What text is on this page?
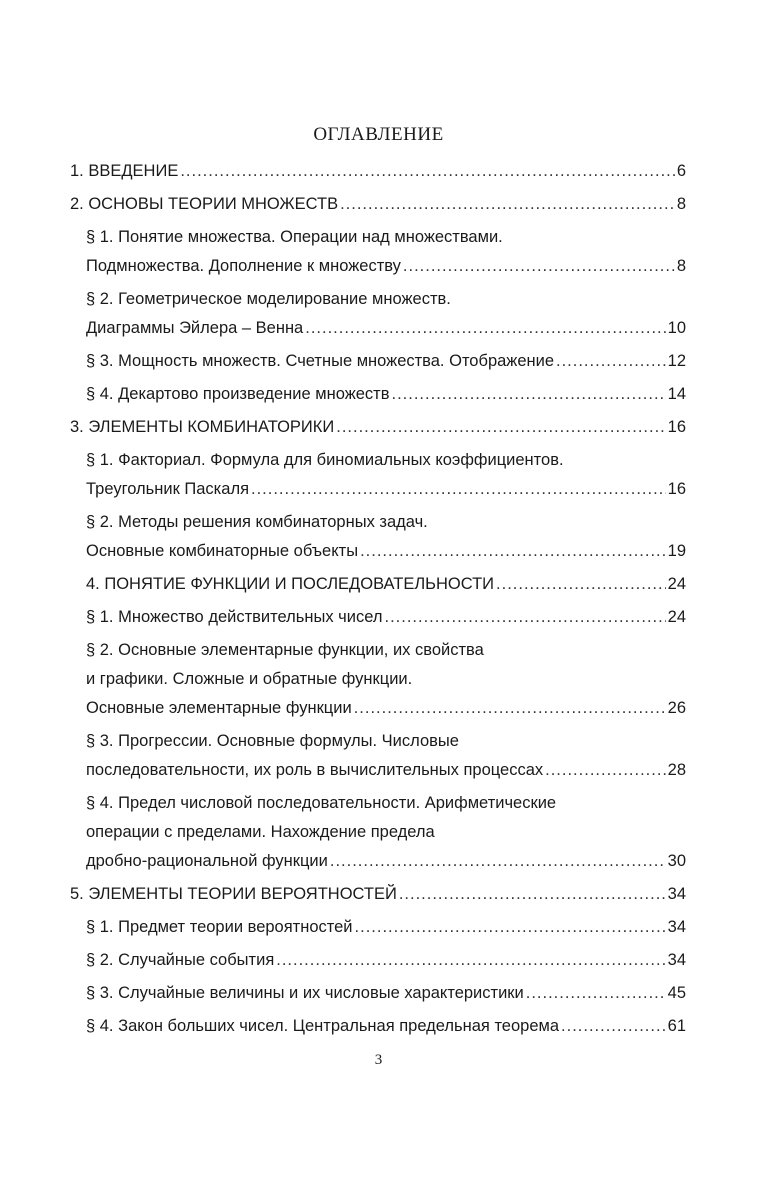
ОГЛАВЛЕНИЕ
1. ВВЕДЕНИЕ .....	6
2. ОСНОВЫ ТЕОРИИ МНОЖЕСТВ .....	8
§ 1. Понятие множества. Операции над множествами.
Подмножества. Дополнение к множеству .....	8
§ 2. Геометрическое моделирование множеств.
Диаграммы Эйлера – Венна .....	10
§ 3. Мощность множеств. Счетные множества. Отображение .....	12
§ 4. Декартово произведение множеств .....	14
3. ЭЛЕМЕНТЫ КОМБИНАТОРИКИ .....	16
§ 1. Факториал. Формула для биномиальных коэффициентов.
Треугольник Паскаля .....	16
§ 2. Методы решения комбинаторных задач.
Основные комбинаторные объекты .....	19
4. ПОНЯТИЕ ФУНКЦИИ И ПОСЛЕДОВАТЕЛЬНОСТИ .....	24
§ 1. Множество действительных чисел .....	24
§ 2. Основные элементарные функции, их свойства
и графики. Сложные и обратные функции.
Основные элементарные функции .....	26
§ 3. Прогрессии. Основные формулы. Числовые
последовательности, их роль в вычислительных процессах .....	28
§ 4. Предел числовой последовательности. Арифметические
операции с пределами. Нахождение предела
дробно-рациональной функции .....	30
5. ЭЛЕМЕНТЫ ТЕОРИИ ВЕРОЯТНОСТЕЙ .....	34
§ 1. Предмет теории вероятностей .....	34
§ 2. Случайные события .....	34
§ 3. Случайные величины и их числовые характеристики .....	45
§ 4. Закон больших чисел. Центральная предельная теорема .....	61
3
